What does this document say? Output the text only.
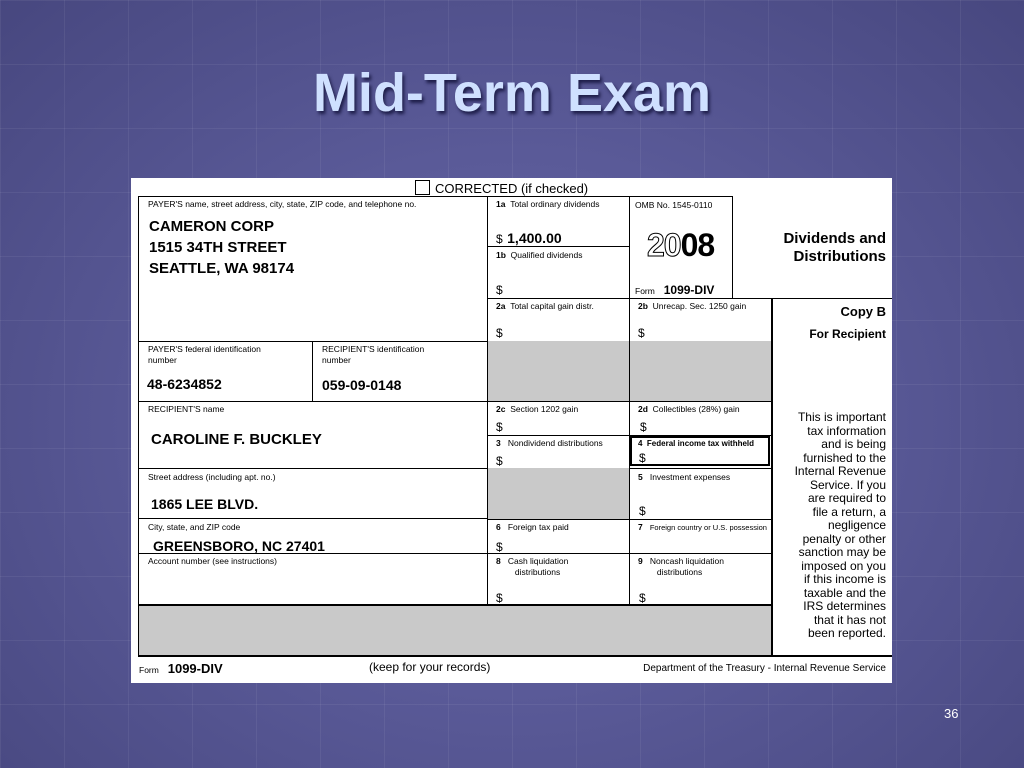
Mid-Term Exam
CORRECTED (if checked)
PAYER'S name, street address, city, state, ZIP code, and telephone no.
CAMERON CORP
1515 34TH STREET
SEATTLE, WA 98174
1a Total ordinary dividends
$ 1,400.00
1b Qualified dividends
$
OMB No. 1545-0110
2008
Form 1099-DIV
Dividends and
Distributions
2a Total capital gain distr.
$
2b Unrecap. Sec. 1250 gain
$
Copy B
For Recipient
PAYER'S federal identification
number
48-6234852
RECIPIENT'S identification
number
059-09-0148
RECIPIENT'S name
CAROLINE F. BUCKLEY
2c Section 1202 gain
$
2d Collectibles (28%) gain
$
3 Nondividend distributions
$
4 Federal income tax withheld
$
This is important
tax information
and is being
furnished to the
Internal Revenue
Service. If you
are required to
file a return, a
negligence
penalty or other
sanction may be
imposed on you
if this income is
taxable and the
IRS determines
that it has not
been reported.
Street address (including apt. no.)
1865 LEE BLVD.
5 Investment expenses
$
City, state, and ZIP code
GREENSBORO, NC 27401
6 Foreign tax paid
$
7 Foreign country or U.S. possession
Account number (see instructions)	8 Cash liquidation
distributions
$
9 Noncash liquidation
distributions
$
Form 1099-DIV	(keep for your records)	Department of the Treasury - Internal Revenue Service
36
